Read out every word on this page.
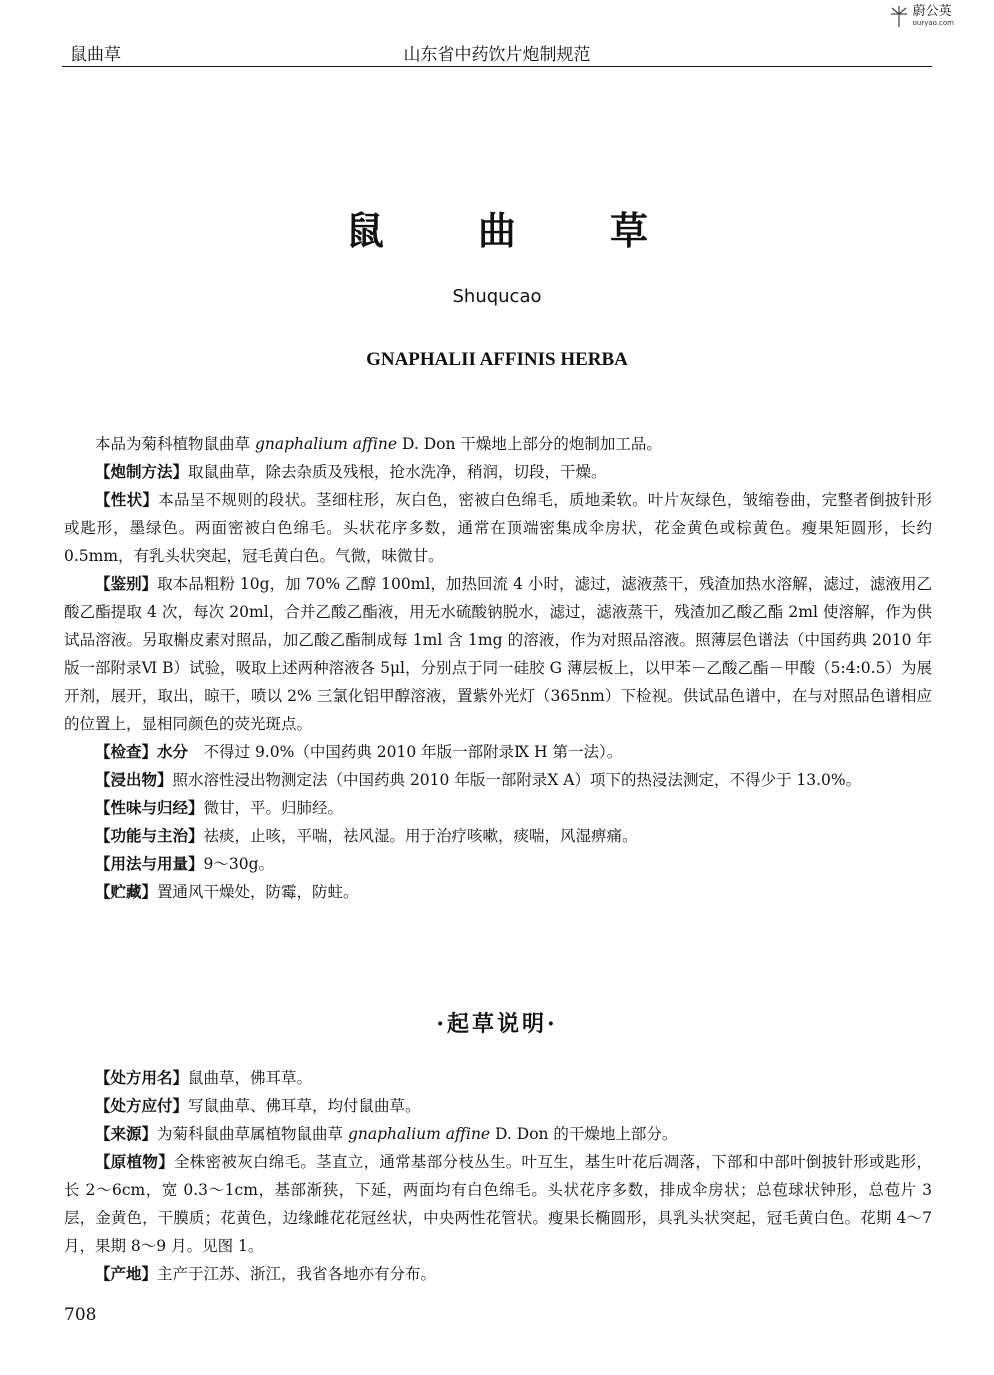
鼠曲草	山东省中药饮片炮制规范
蔚公英
ouryao.com
鼠　曲　草
Shuqucao
GNAPHALII AFFINIS HERBA

本品为菊科植物鼠曲草 gnaphalium affine D. Don 干燥地上部分的炮制加工品。

【炮制方法】取鼠曲草，除去杂质及残根，抢水洗净，稍润，切段，干燥。

【性状】本品呈不规则的段状。茎细柱形，灰白色，密被白色绵毛，质地柔软。叶片灰绿色，皱缩卷曲，完整者倒披针形或匙形，墨绿色。两面密被白色绵毛。头状花序多数，通常在顶端密集成伞房状，花金黄色或棕黄色。瘦果矩圆形，长约 0.5mm，有乳头状突起，冠毛黄白色。气微，味微甘。

【鉴别】取本品粗粉 10g，加 70% 乙醇 100ml，加热回流 4 小时，滤过，滤液蒸干，残渣加热水溶解，滤过，滤液用乙酸乙酯提取 4 次，每次 20ml，合并乙酸乙酯液，用无水硫酸钠脱水，滤过，滤液蒸干，残渣加乙酸乙酯 2ml 使溶解，作为供试品溶液。另取槲皮素对照品，加乙酸乙酯制成每 1ml 含 1mg 的溶液，作为对照品溶液。照薄层色谱法（中国药典 2010 年版一部附录Ⅵ B）试验，吸取上述两种溶液各 5μl，分别点于同一硅胶 G 薄层板上，以甲苯－乙酸乙酯－甲酸（5:4:0.5）为展开剂，展开，取出，晾干，喷以 2% 三氯化铝甲醇溶液，置紫外光灯（365nm）下检视。供试品色谱中，在与对照品色谱相应的位置上，显相同颜色的荧光斑点。

【检查】水分　不得过 9.0%（中国药典 2010 年版一部附录Ⅸ H 第一法）。

【浸出物】照水溶性浸出物测定法（中国药典 2010 年版一部附录Ⅹ A）项下的热浸法测定，不得少于 13.0%。

【性味与归经】微甘，平。归肺经。

【功能与主治】祛痰，止咳，平喘，祛风湿。用于治疗咳嗽，痰喘，风湿痹痛。

【用法与用量】9～30g。

【贮藏】置通风干燥处，防霉，防蛀。

·起草说明·

【处方用名】鼠曲草，佛耳草。

【处方应付】写鼠曲草、佛耳草，均付鼠曲草。

【来源】为菊科鼠曲草属植物鼠曲草 gnaphalium affine D. Don 的干燥地上部分。

【原植物】全株密被灰白绵毛。茎直立，通常基部分枝丛生。叶互生，基生叶花后凋落，下部和中部叶倒披针形或匙形，长 2～6cm，宽 0.3～1cm，基部渐狭，下延，两面均有白色绵毛。头状花序多数，排成伞房状；总苞球状钟形，总苞片 3 层，金黄色，干膜质；花黄色，边缘雌花花冠丝状，中央两性花管状。瘦果长椭圆形，具乳头状突起，冠毛黄白色。花期 4～7 月，果期 8～9 月。见图 1。

【产地】主产于江苏、浙江，我省各地亦有分布。

708
